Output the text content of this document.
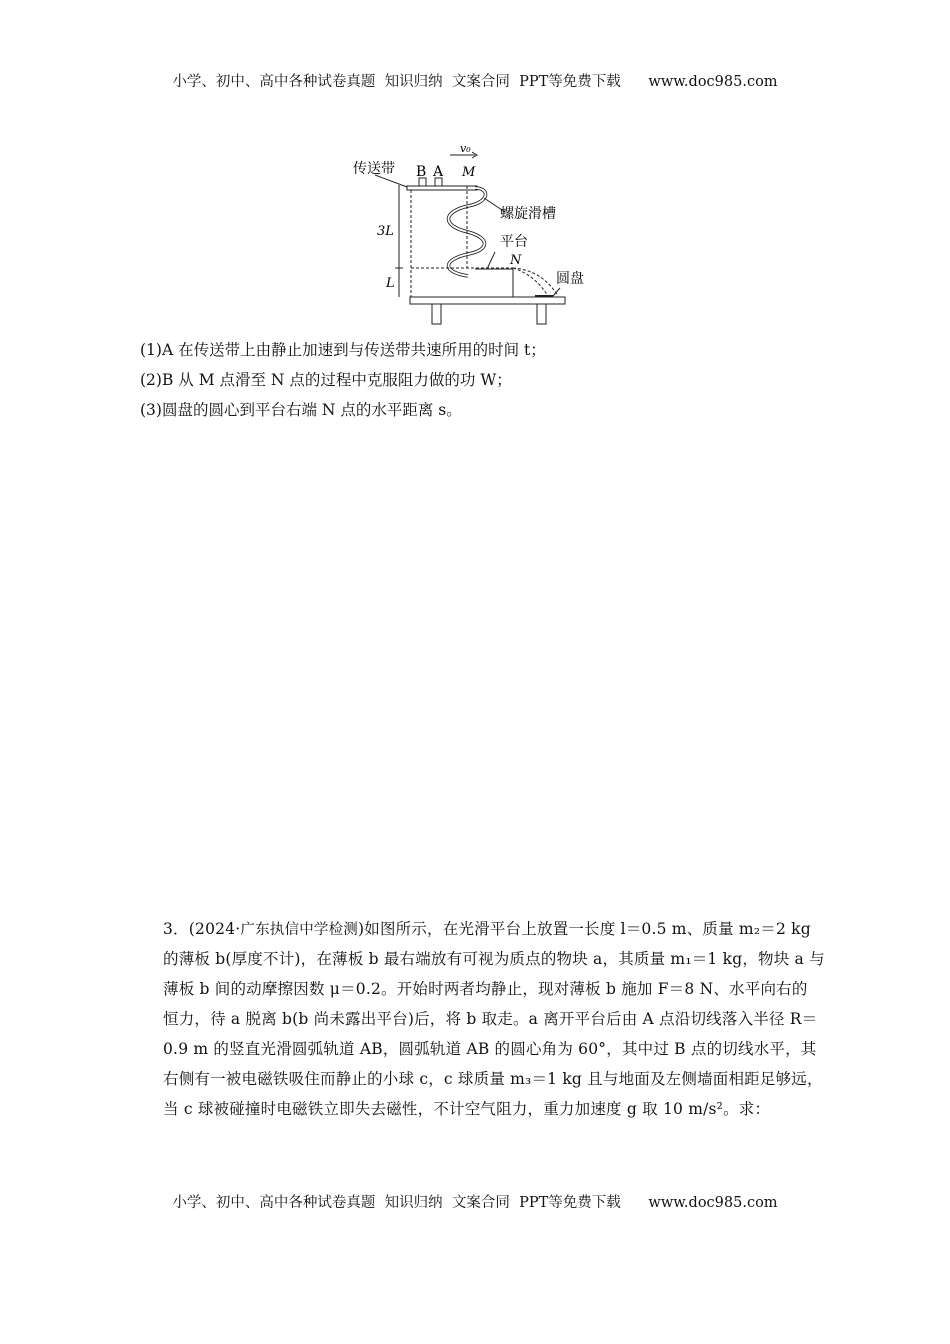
小学、初中、高中各种试卷真题  知识归纳  文案合同  PPT等免费下载      www.doc985.com
传送带 B A M
v₀
螺旋滑槽
平台
N
圆盘
3L
L
(1)A 在传送带上由静止加速到与传送带共速所用的时间 t；
(2)B 从 M 点滑至 N 点的过程中克服阻力做的功 W；
(3)圆盘的圆心到平台右端 N 点的水平距离 s。
3．(2024·广东执信中学检测)如图所示，在光滑平台上放置一长度 l＝0.5 m、质量 m₂＝2 kg
的薄板 b(厚度不计)，在薄板 b 最右端放有可视为质点的物块 a，其质量 m₁＝1 kg，物块 a 与
薄板 b 间的动摩擦因数 μ＝0.2。开始时两者均静止，现对薄板 b 施加 F＝8 N、水平向右的
恒力，待 a 脱离 b(b 尚未露出平台)后，将 b 取走。a 离开平台后由 A 点沿切线落入半径 R＝
0.9 m 的竖直光滑圆弧轨道 AB，圆弧轨道 AB 的圆心角为 60°，其中过 B 点的切线水平，其
右侧有一被电磁铁吸住而静止的小球 c，c 球质量 m₃＝1 kg 且与地面及左侧墙面相距足够远，
当 c 球被碰撞时电磁铁立即失去磁性，不计空气阻力，重力加速度 g 取 10 m/s²。求：
小学、初中、高中各种试卷真题  知识归纳  文案合同  PPT等免费下载      www.doc985.com
